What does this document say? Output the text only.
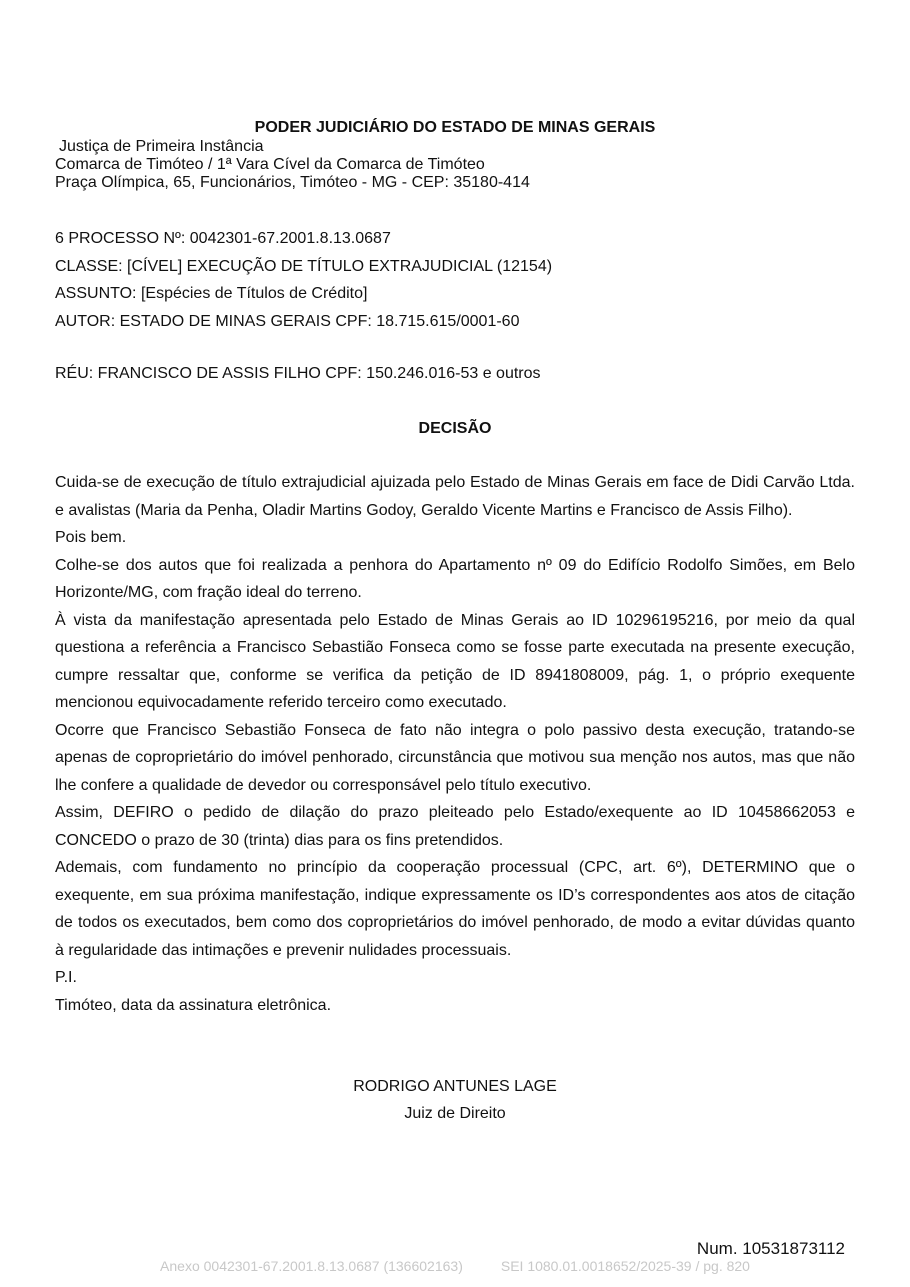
PODER JUDICIÁRIO DO ESTADO DE MINAS GERAIS
Justiça de Primeira Instância
Comarca de Timóteo / 1ª Vara Cível da Comarca de Timóteo
Praça Olímpica, 65, Funcionários, Timóteo - MG - CEP: 35180-414
6 PROCESSO Nº: 0042301-67.2001.8.13.0687
CLASSE: [CÍVEL] EXECUÇÃO DE TÍTULO EXTRAJUDICIAL (12154)
ASSUNTO: [Espécies de Títulos de Crédito]
AUTOR: ESTADO DE MINAS GERAIS CPF: 18.715.615/0001-60
RÉU: FRANCISCO DE ASSIS FILHO CPF: 150.246.016-53 e outros
DECISÃO

Cuida-se de execução de título extrajudicial ajuizada pelo Estado de Minas Gerais em face de Didi Carvão Ltda. e avalistas (Maria da Penha, Oladir Martins Godoy, Geraldo Vicente Martins e Francisco de Assis Filho).

Pois bem.

Colhe-se dos autos que foi realizada a penhora do Apartamento nº 09 do Edifício Rodolfo Simões, em Belo Horizonte/MG, com fração ideal do terreno.

À vista da manifestação apresentada pelo Estado de Minas Gerais ao ID 10296195216, por meio da qual questiona a referência a Francisco Sebastião Fonseca como se fosse parte executada na presente execução, cumpre ressaltar que, conforme se verifica da petição de ID 8941808009, pág. 1, o próprio exequente mencionou equivocadamente referido terceiro como executado.

Ocorre que Francisco Sebastião Fonseca de fato não integra o polo passivo desta execução, tratando-se apenas de coproprietário do imóvel penhorado, circunstância que motivou sua menção nos autos, mas que não lhe confere a qualidade de devedor ou corresponsável pelo título executivo.

Assim, DEFIRO o pedido de dilação do prazo pleiteado pelo Estado/exequente ao ID 10458662053 e CONCEDO o prazo de 30 (trinta) dias para os fins pretendidos.

Ademais, com fundamento no princípio da cooperação processual (CPC, art. 6º), DETERMINO que o exequente, em sua próxima manifestação, indique expressamente os ID’s correspondentes aos atos de citação de todos os executados, bem como dos coproprietários do imóvel penhorado, de modo a evitar dúvidas quanto à regularidade das intimações e prevenir nulidades processuais.

P.I.

Timóteo, data da assinatura eletrônica.

RODRIGO ANTUNES LAGE
Juiz de Direito
Num. 10531873112
Anexo 0042301-67.2001.8.13.0687 (136602163)	SEI 1080.01.0018652/2025-39 / pg. 820
